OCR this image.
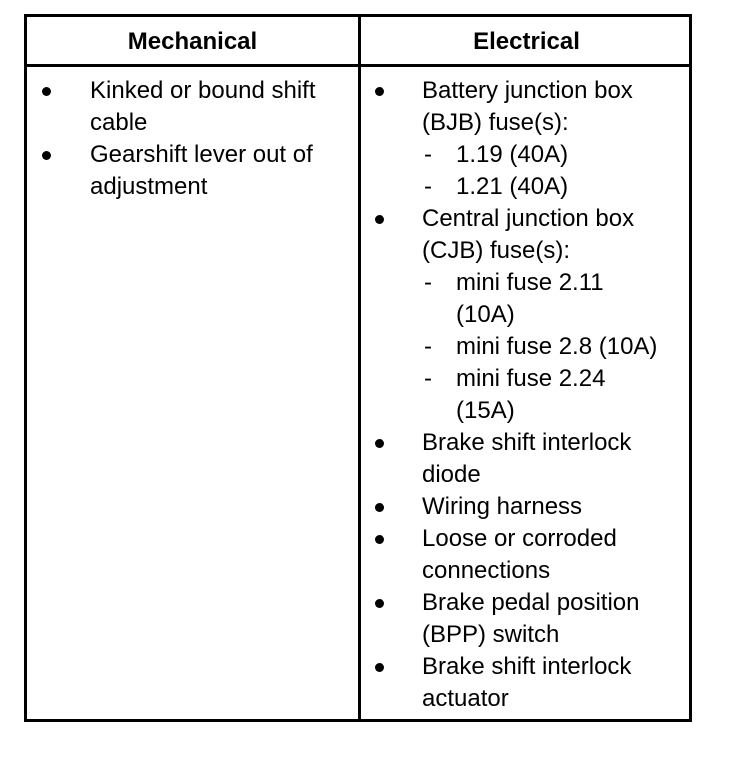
Mechanical	Electrical
Kinked or bound shift cable
Gearshift lever out of adjustment
Battery junction box (BJB) fuse(s):
- 1.19 (40A)
- 1.21 (40A)
Central junction box (CJB) fuse(s):
- mini fuse 2.11 (10A)
- mini fuse 2.8 (10A)
- mini fuse 2.24 (15A)
Brake shift interlock diode
Wiring harness
Loose or corroded connections
Brake pedal position (BPP) switch
Brake shift interlock actuator
